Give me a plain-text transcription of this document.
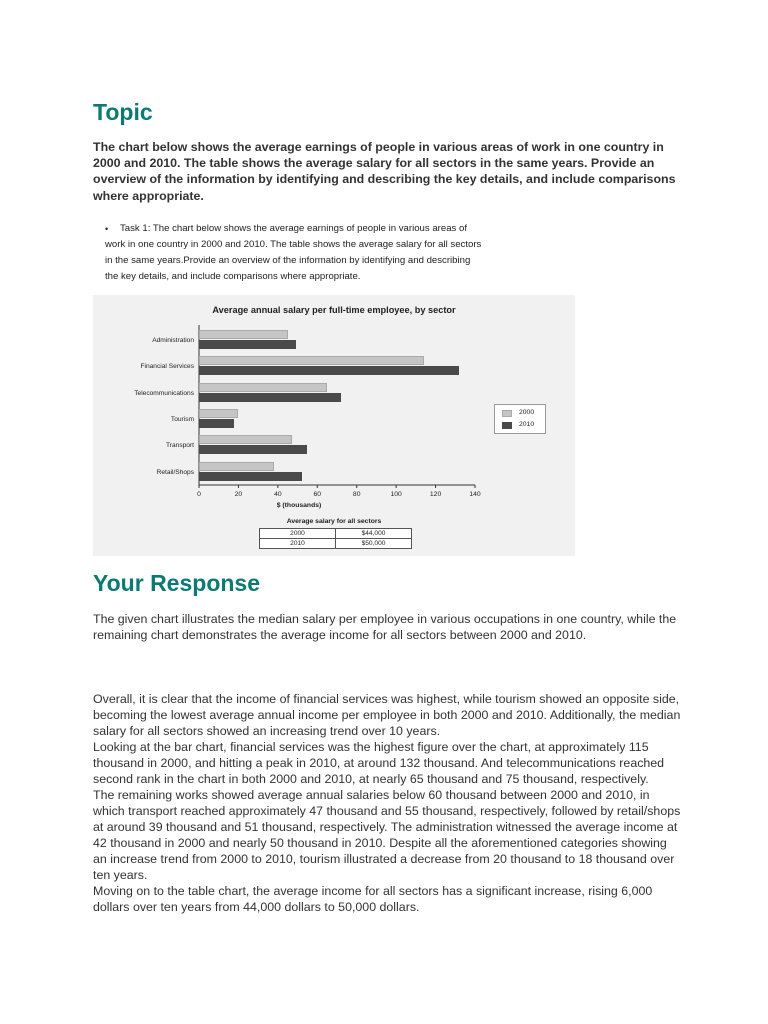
Topic

The chart below shows the average earnings of people in various areas of work in one country in 2000 and 2010. The table shows the average salary for all sectors in the same years. Provide an overview of the information by identifying and describing the key details, and include comparisons where appropriate.

•	Task 1: The chart below shows the average earnings of people in various areas of
work in one country in 2000 and 2010. The table shows the average salary for all sectors
in the same years.Provide an overview of the information by identifying and describing
the key details, and include comparisons where appropriate.
Average annual salary per full-time employee, by sector
Administration
Financial Services
Telecommunications
Tourism
Transport
Retail/Shops
0	20	40	60	80	100	120	140
$ (thousands)
2000
2010
Average salary for all sectors
2000	$44,000
2010	$50,000
Your Response

The given chart illustrates the median salary per employee in various occupations in one country, while the remaining chart demonstrates the average income for all sectors between 2000 and 2010.

Overall, it is clear that the income of financial services was highest, while tourism showed an opposite side, becoming the lowest average annual income per employee in both 2000 and 2010. Additionally, the median salary for all sectors showed an increasing trend over 10 years.
Looking at the bar chart, financial services was the highest figure over the chart, at approximately 115 thousand in 2000, and hitting a peak in 2010, at around 132 thousand. And telecommunications reached second rank in the chart in both 2000 and 2010, at nearly 65 thousand and 75 thousand, respectively.
The remaining works showed average annual salaries below 60 thousand between 2000 and 2010, in which transport reached approximately 47 thousand and 55 thousand, respectively, followed by retail/shops at around 39 thousand and 51 thousand, respectively. The administration witnessed the average income at 42 thousand in 2000 and nearly 50 thousand in 2010. Despite all the aforementioned categories showing an increase trend from 2000 to 2010, tourism illustrated a decrease from 20 thousand to 18 thousand over ten years.
Moving on to the table chart, the average income for all sectors has a significant increase, rising 6,000 dollars over ten years from 44,000 dollars to 50,000 dollars.
